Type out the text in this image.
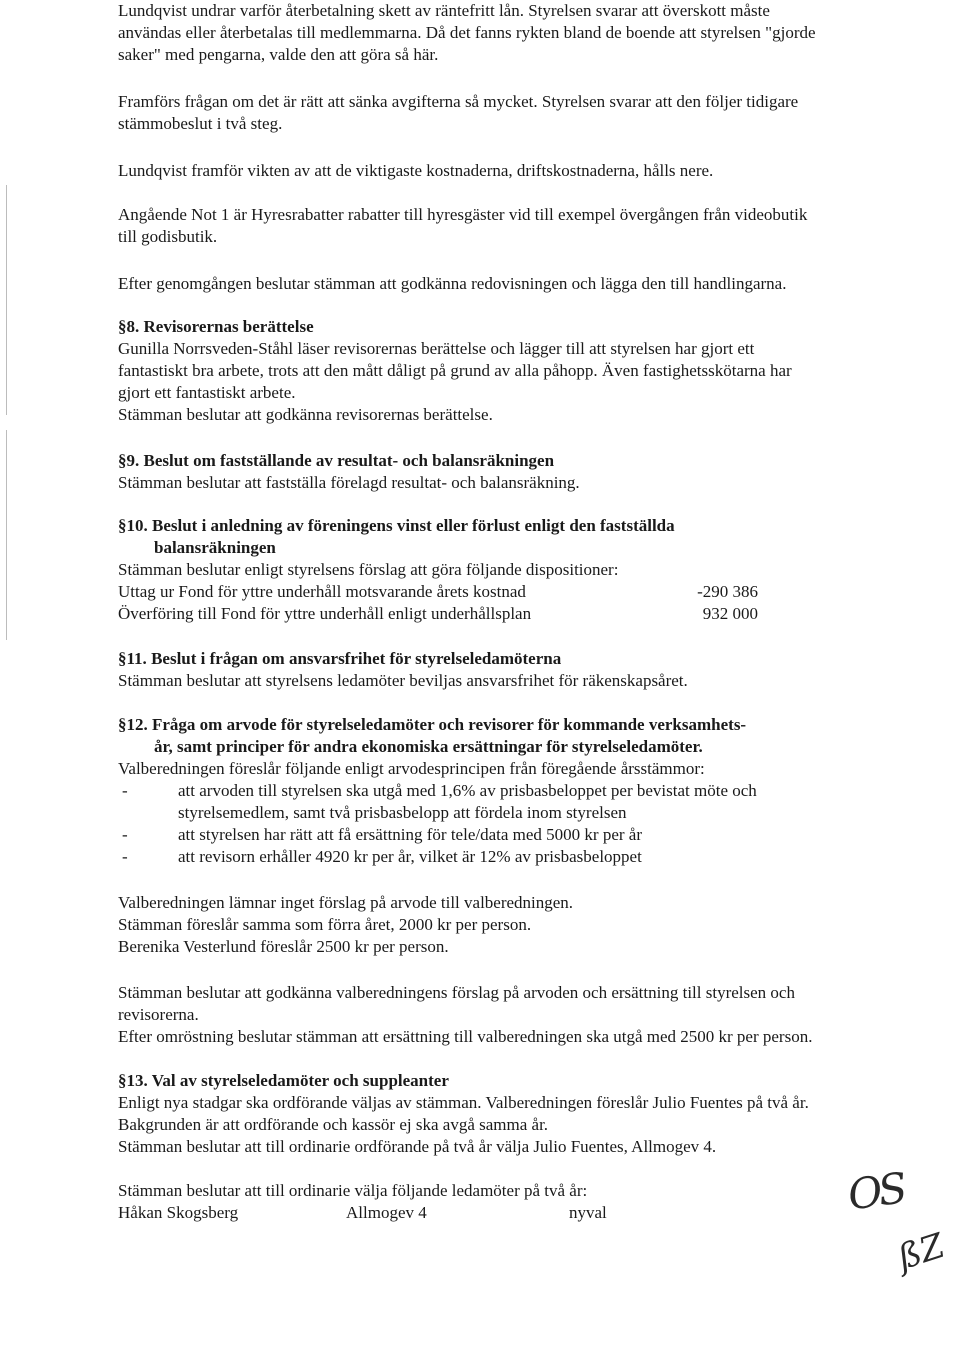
Lundqvist undrar varför återbetalning skett av räntefritt lån. Styrelsen svarar att överskott måste
användas eller återbetalas till medlemmarna. Då det fanns rykten bland de boende att styrelsen "gjorde
saker" med pengarna, valde den att göra så här.
Framförs frågan om det är rätt att sänka avgifterna så mycket. Styrelsen svarar att den följer tidigare
stämmobeslut i två steg.
Lundqvist framför vikten av att de viktigaste kostnaderna, driftskostnaderna, hålls nere.
Angående Not 1 är Hyresrabatter rabatter till hyresgäster vid till exempel övergången från videobutik
till godisbutik.
Efter genomgången beslutar stämman att godkänna redovisningen och lägga den till handlingarna.
§8. Revisorernas berättelse
Gunilla Norrsveden-Ståhl läser revisorernas berättelse och lägger till att styrelsen har gjort ett
fantastiskt bra arbete, trots att den mått dåligt på grund av alla påhopp. Även fastighetsskötarna har
gjort ett fantastiskt arbete.
Stämman beslutar att godkänna revisorernas berättelse.
§9. Beslut om fastställande av resultat- och balansräkningen
Stämman beslutar att fastställa förelagd resultat- och balansräkning.
§10. Beslut i anledning av föreningens vinst eller förlust enligt den fastställda
balansräkningen
Stämman beslutar enligt styrelsens förslag att göra följande dispositioner:
Uttag ur Fond för yttre underhåll motsvarande årets kostnad	-290 386
Överföring till Fond för yttre underhåll enligt underhållsplan	932 000
§11. Beslut i frågan om ansvarsfrihet för styrelseledamöterna
Stämman beslutar att styrelsens ledamöter beviljas ansvarsfrihet för räkenskapsåret.
§12. Fråga om arvode för styrelseledamöter och revisorer för kommande verksamhets-
år, samt principer för andra ekonomiska ersättningar för styrelseledamöter.
Valberedningen föreslår följande enligt arvodesprincipen från föregående årsstämmor:
-	att arvoden till styrelsen ska utgå med 1,6% av prisbasbeloppet per bevistat möte och
styrelsemedlem, samt två prisbasbelopp att fördela inom styrelsen
-	att styrelsen har rätt att få ersättning för tele/data med 5000 kr per år
-	att revisorn erhåller 4920 kr per år, vilket är 12% av prisbasbeloppet
Valberedningen lämnar inget förslag på arvode till valberedningen.
Stämman föreslår samma som förra året, 2000 kr per person.
Berenika Vesterlund föreslår 2500 kr per person.
Stämman beslutar att godkänna valberedningens förslag på arvoden och ersättning till styrelsen och
revisorerna.
Efter omröstning beslutar stämman att ersättning till valberedningen ska utgå med 2500 kr per person.
§13. Val av styrelseledamöter och suppleanter
Enligt nya stadgar ska ordförande väljas av stämman. Valberedningen föreslår Julio Fuentes på två år.
Bakgrunden är att ordförande och kassör ej ska avgå samma år.
Stämman beslutar att till ordinarie ordförande på två år välja Julio Fuentes, Allmogev 4.
Stämman beslutar att till ordinarie välja följande ledamöter på två år:
Håkan Skogsberg	Allmogev 4	nyval	OS
ßZ
